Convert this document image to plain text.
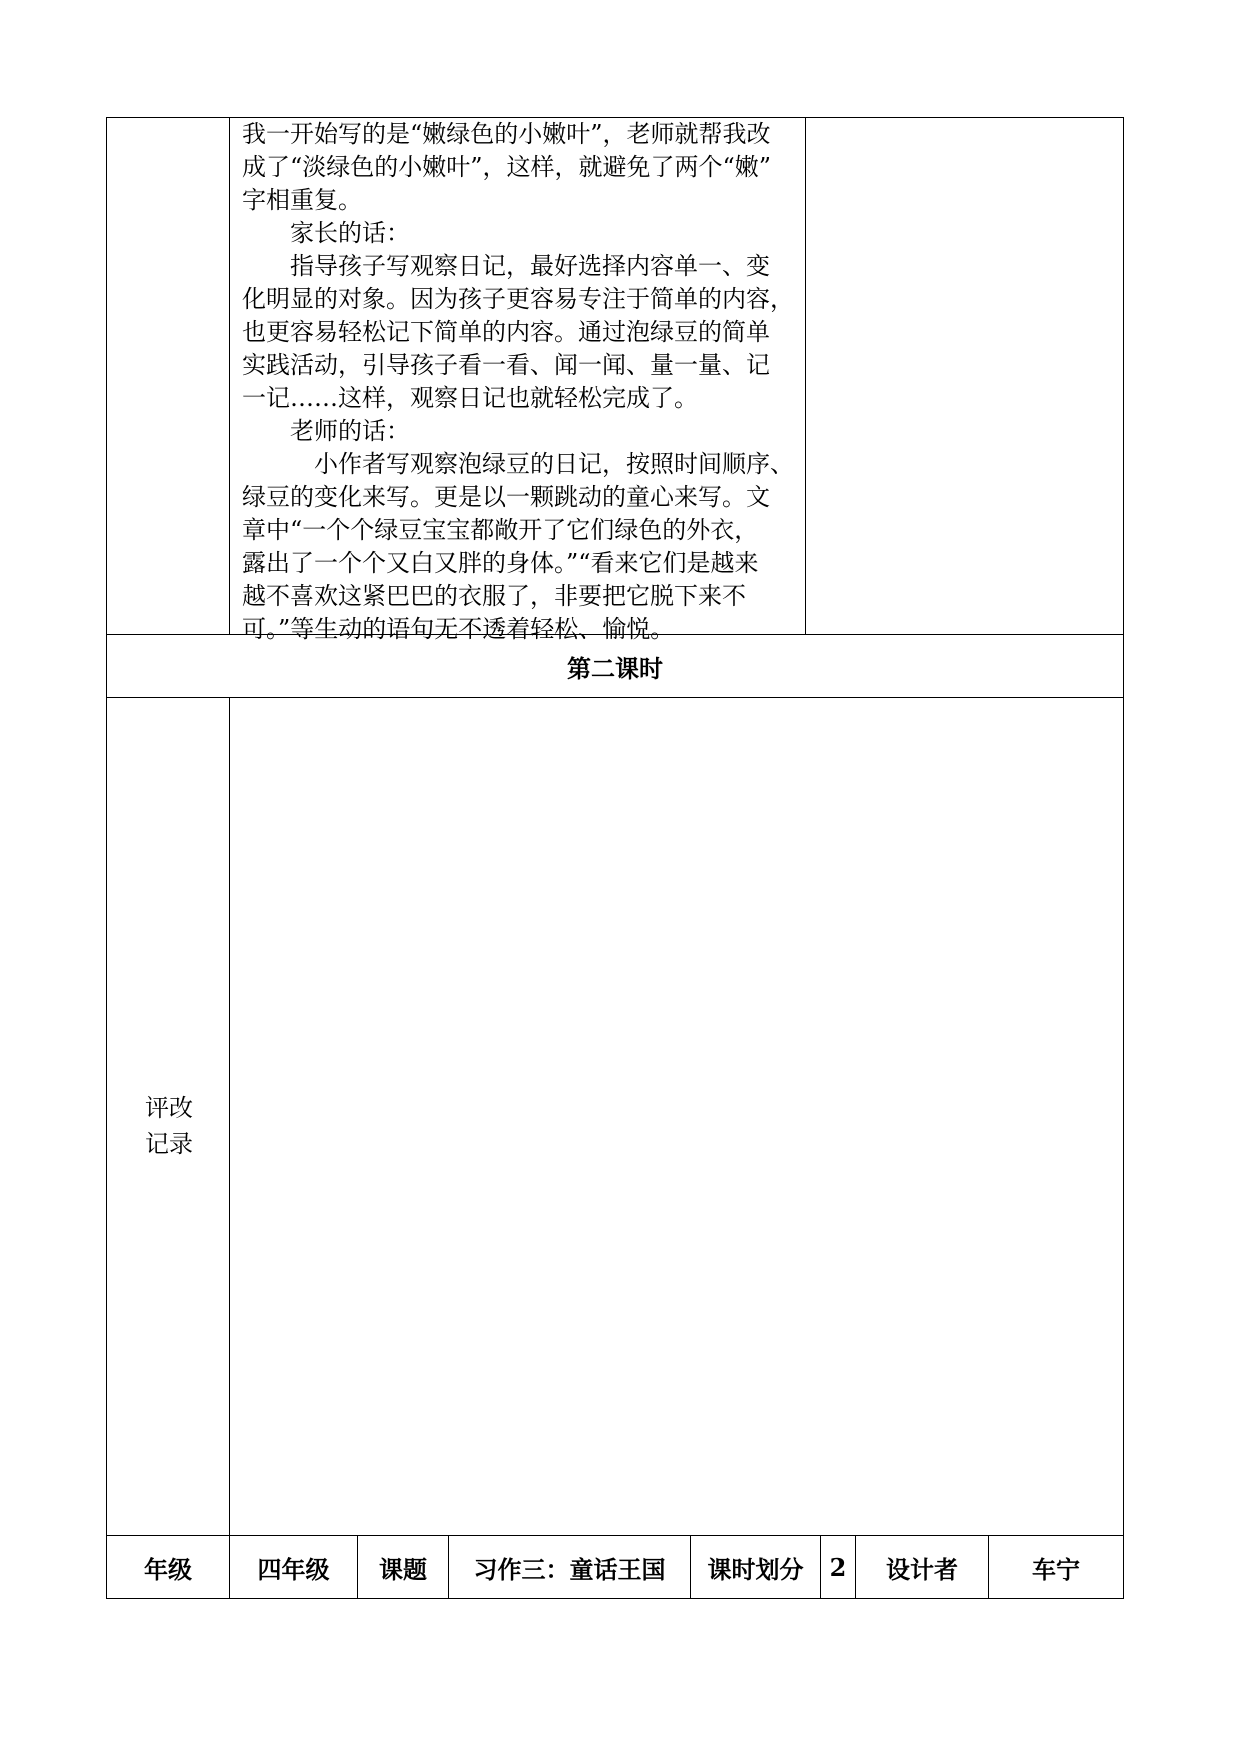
我一开始写的是“嫩绿色的小嫩叶”，老师就帮我改

成了“淡绿色的小嫩叶”，这样，就避免了两个“嫩”

字相重复。

家长的话：

指导孩子写观察日记，最好选择内容单一、变

化明显的对象。因为孩子更容易专注于简单的内容，

也更容易轻松记下简单的内容。通过泡绿豆的简单

实践活动，引导孩子看一看、闻一闻、量一量、记

一记……这样，观察日记也就轻松完成了。

老师的话：

小作者写观察泡绿豆的日记，按照时间顺序、

绿豆的变化来写。更是以一颗跳动的童心来写。文

章中“一个个绿豆宝宝都敞开了它们绿色的外衣，

露出了一个个又白又胖的身体。”“看来它们是越来

越不喜欢这紧巴巴的衣服了，非要把它脱下来不

可。”等生动的语句无不透着轻松、愉悦。

第二课时
评改
记录
年级	四年级	课题	习作三：童话王国	课时划分	2	设计者	车宁
